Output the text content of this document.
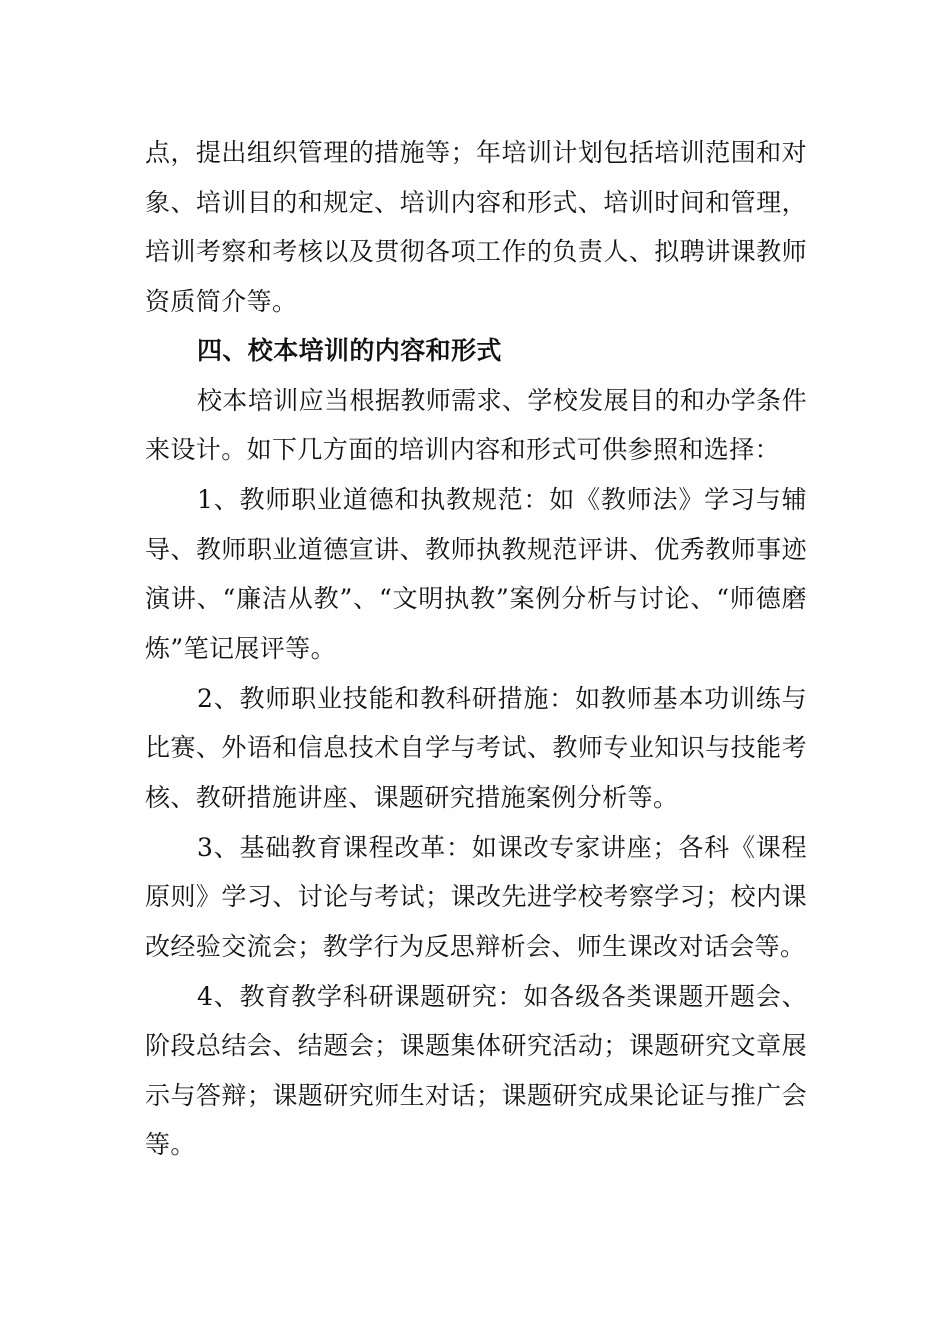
点，提出组织管理的措施等；年培训计划包括培训范围和对象、培训目的和规定、培训内容和形式、培训时间和管理，培训考察和考核以及贯彻各项工作的负责人、拟聘讲课教师资质简介等。

四、校本培训的内容和形式

校本培训应当根据教师需求、学校发展目的和办学条件来设计。如下几方面的培训内容和形式可供参照和选择：

1、教师职业道德和执教规范：如《教师法》学习与辅导、教师职业道德宣讲、教师执教规范评讲、优秀教师事迹演讲、“廉洁从教”、“文明执教”案例分析与讨论、“师德磨炼”笔记展评等。

2、教师职业技能和教科研措施：如教师基本功训练与比赛、外语和信息技术自学与考试、教师专业知识与技能考核、教研措施讲座、课题研究措施案例分析等。

3、基础教育课程改革：如课改专家讲座；各科《课程原则》学习、讨论与考试；课改先进学校考察学习；校内课改经验交流会；教学行为反思辩析会、师生课改对话会等。

4、教育教学科研课题研究：如各级各类课题开题会、阶段总结会、结题会；课题集体研究活动；课题研究文章展示与答辩；课题研究师生对话；课题研究成果论证与推广会等。
